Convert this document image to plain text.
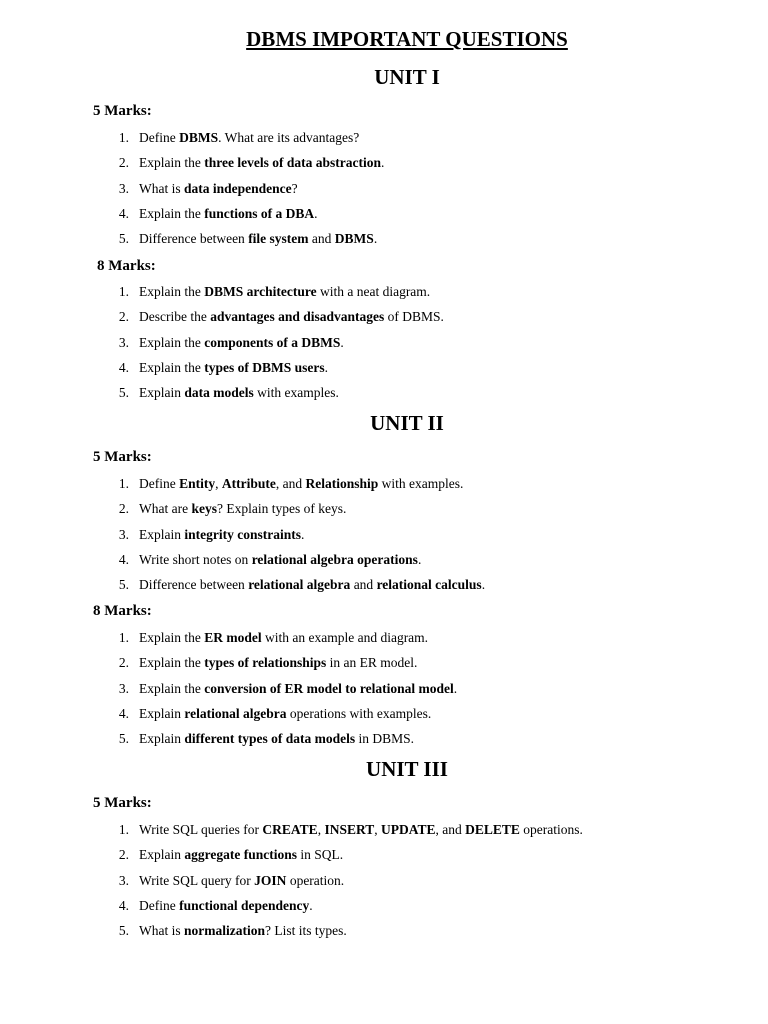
DBMS IMPORTANT QUESTIONS
UNIT I
5 Marks:
1. Define DBMS. What are its advantages?
2. Explain the three levels of data abstraction.
3. What is data independence?
4. Explain the functions of a DBA.
5. Difference between file system and DBMS.
8 Marks:
1. Explain the DBMS architecture with a neat diagram.
2. Describe the advantages and disadvantages of DBMS.
3. Explain the components of a DBMS.
4. Explain the types of DBMS users.
5. Explain data models with examples.
UNIT II
5 Marks:
1. Define Entity, Attribute, and Relationship with examples.
2. What are keys? Explain types of keys.
3. Explain integrity constraints.
4. Write short notes on relational algebra operations.
5. Difference between relational algebra and relational calculus.
8 Marks:
1. Explain the ER model with an example and diagram.
2. Explain the types of relationships in an ER model.
3. Explain the conversion of ER model to relational model.
4. Explain relational algebra operations with examples.
5. Explain different types of data models in DBMS.
UNIT III
5 Marks:
1. Write SQL queries for CREATE, INSERT, UPDATE, and DELETE operations.
2. Explain aggregate functions in SQL.
3. Write SQL query for JOIN operation.
4. Define functional dependency.
5. What is normalization? List its types.
